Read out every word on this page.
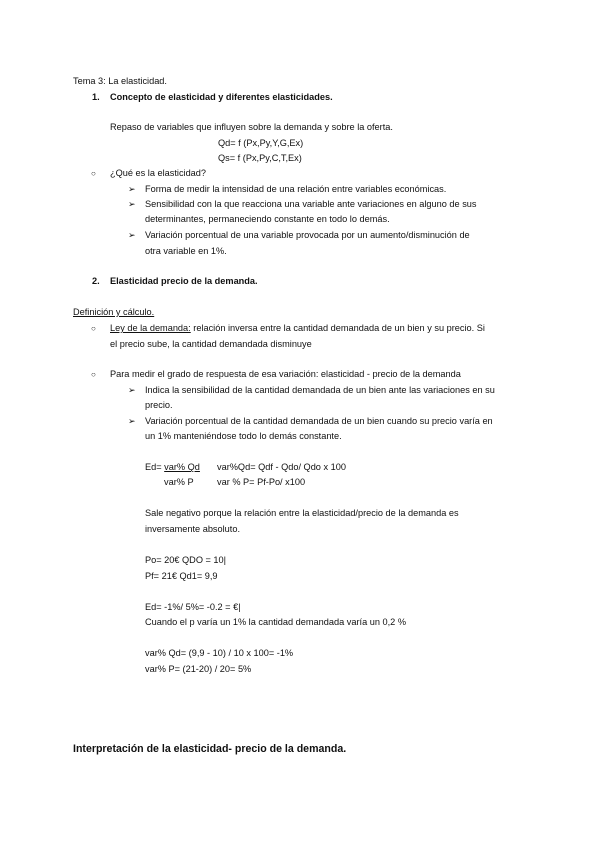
Tema 3: La elasticidad.
1. Concepto de elasticidad y diferentes elasticidades.
Repaso de variables que influyen sobre la demanda y sobre la oferta.
Qd= f (Px,Py,Y,G,Ex)
Qs= f (Px,Py,C,T,Ex)
○ ¿Qué es la elasticidad?
➢ Forma de medir la intensidad de una relación entre variables económicas.
➢ Sensibilidad con la que reacciona una variable ante variaciones en alguno de sus
determinantes, permaneciendo constante en todo lo demás.
➢ Variación porcentual de una variable provocada por un aumento/disminución de
otra variable en 1%.
2. Elasticidad precio de la demanda.
Definición y cálculo.
○ Ley de la demanda: relación inversa entre la cantidad demandada de un bien y su precio. Si
el precio sube, la cantidad demandada disminuye
○ Para medir el grado de respuesta de esa variación: elasticidad - precio de la demanda
➢ Indica la sensibilidad de la cantidad demandada de un bien ante las variaciones en su
precio.
➢ Variación porcentual de la cantidad demandada de un bien cuando su precio varía en
un 1% manteniéndose todo lo demás constante.
Ed= var% Qd var%Qd= Qdf - Qdo/ Qdo x 100
var% P	var % P= Pf-Po/ x100
Sale negativo porque la relación entre la elasticidad/precio de la demanda es
inversamente absoluto.
Po= 20€ QDO = 10|
Pf= 21€ Qd1= 9,9
Ed= -1%/ 5%= -0.2 = €|
Cuando el p varía un 1% la cantidad demandada varía un 0,2 %
var% Qd= (9,9 - 10) / 10 x 100= -1%
var% P= (21-20) / 20= 5%
Interpretación de la elasticidad- precio de la demanda.
